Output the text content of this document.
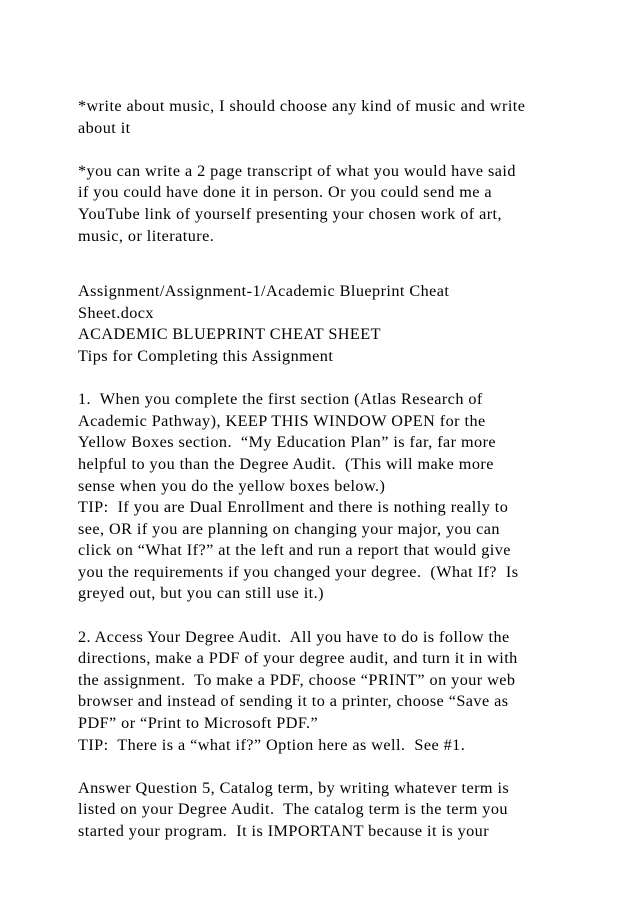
*write about music, I should choose any kind of music and write
about it
*you can write a 2 page transcript of what you would have said
if you could have done it in person. Or you could send me a
YouTube link of yourself presenting your chosen work of art,
music, or literature.
Assignment/Assignment-1/Academic Blueprint Cheat
Sheet.docx
ACADEMIC BLUEPRINT CHEAT SHEET
Tips for Completing this Assignment
1.  When you complete the first section (Atlas Research of
Academic Pathway), KEEP THIS WINDOW OPEN for the
Yellow Boxes section.  “My Education Plan” is far, far more
helpful to you than the Degree Audit.  (This will make more
sense when you do the yellow boxes below.)
TIP:  If you are Dual Enrollment and there is nothing really to
see, OR if you are planning on changing your major, you can
click on “What If?” at the left and run a report that would give
you the requirements if you changed your degree.  (What If?  Is
greyed out, but you can still use it.)
2. Access Your Degree Audit.  All you have to do is follow the
directions, make a PDF of your degree audit, and turn it in with
the assignment.  To make a PDF, choose “PRINT” on your web
browser and instead of sending it to a printer, choose “Save as
PDF” or “Print to Microsoft PDF.”
TIP:  There is a “what if?” Option here as well.  See #1.
Answer Question 5, Catalog term, by writing whatever term is
listed on your Degree Audit.  The catalog term is the term you
started your program.  It is IMPORTANT because it is your
